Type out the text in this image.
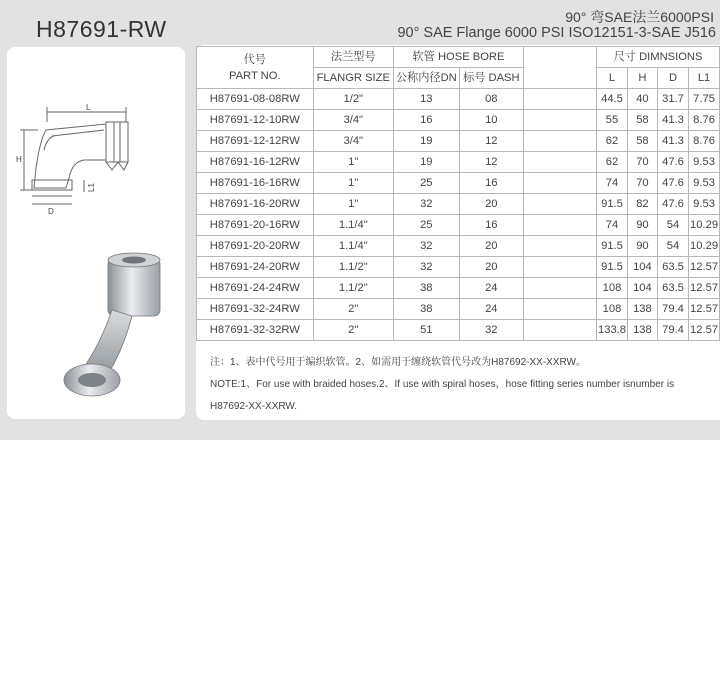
H87691-RW	90° 弯SAE法兰6000PSI
90° SAE Flange 6000 PSI ISO12151-3-SAE J516
L
H
D
L1
代号
PART NO.	法兰型号	软管 HOSE BORE			尺寸 DIMNSIONS			
	FLANGR SIZE	公称内径DN	标号 DASH		L	H	D	L1
H87691-08-08RW	1/2"	13	08		44.5	40	31.7	7.75
H87691-12-10RW	3/4"	16	10		55	58	41.3	8.76
H87691-12-12RW	3/4"	19	12		62	58	41.3	8.76
H87691-16-12RW	1"	19	12		62	70	47.6	9.53
H87691-16-16RW	1"	25	16		74	70	47.6	9.53
H87691-16-20RW	1"	32	20		91.5	82	47.6	9.53
H87691-20-16RW	1.1/4"	25	16		74	90	54	10.29
H87691-20-20RW	1.1/4"	32	20		91.5	90	54	10.29
H87691-24-20RW	1.1/2"	32	20		91.5	104	63.5	12.57
H87691-24-24RW	1.1/2"	38	24		108	104	63.5	12.57
H87691-32-24RW	2"	38	24		108	138	79.4	12.57
H87691-32-32RW	2"	51	32		133.8	138	79.4	12.57
注：1、表中代号用于编织软管。2、如需用于缠绕软管代号改为H87692-XX-XXRW。
NOTE:1、For use with braided hoses.2、If use with spiral hoses，hose fitting series number isnumber is
H87692-XX-XXRW.
